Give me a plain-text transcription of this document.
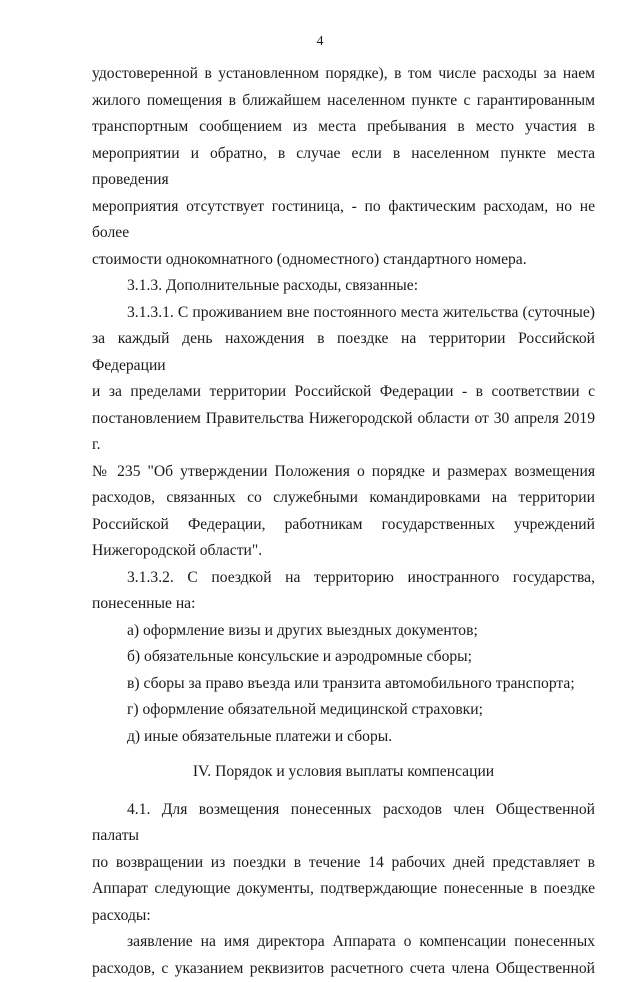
4

удостоверенной в установленном порядке), в том числе расходы за наем

жилого помещения в ближайшем населенном пункте с гарантированным

транспортным сообщением из места пребывания в место участия в

мероприятии и обратно, в случае если в населенном пункте места проведения

мероприятия отсутствует гостиница, - по фактическим расходам, но не более

стоимости однокомнатного (одноместного) стандартного номера.

3.1.3. Дополнительные расходы, связанные:

3.1.3.1. С проживанием вне постоянного места жительства (суточные)

за каждый день нахождения в поездке на территории Российской Федерации

и за пределами территории Российской Федерации - в соответствии с

постановлением Правительства Нижегородской области от 30 апреля 2019 г.

№ 235 "Об утверждении Положения о порядке и размерах возмещения

расходов, связанных со служебными командировками на территории

Российской Федерации, работникам государственных учреждений

Нижегородской области".

3.1.3.2. С поездкой на территорию иностранного государства,

понесенные на:

а) оформление визы и других выездных документов;

б) обязательные консульские и аэродромные сборы;

в) сборы за право въезда или транзита автомобильного транспорта;

г) оформление обязательной медицинской страховки;

д) иные обязательные платежи и сборы.

IV. Порядок и условия выплаты компенсации

4.1. Для возмещения понесенных расходов член Общественной палаты

по возвращении из поездки в течение 14 рабочих дней представляет в

Аппарат следующие документы, подтверждающие понесенные в поездке

расходы:

заявление на имя директора Аппарата о компенсации понесенных

расходов, с указанием реквизитов расчетного счета члена Общественной
